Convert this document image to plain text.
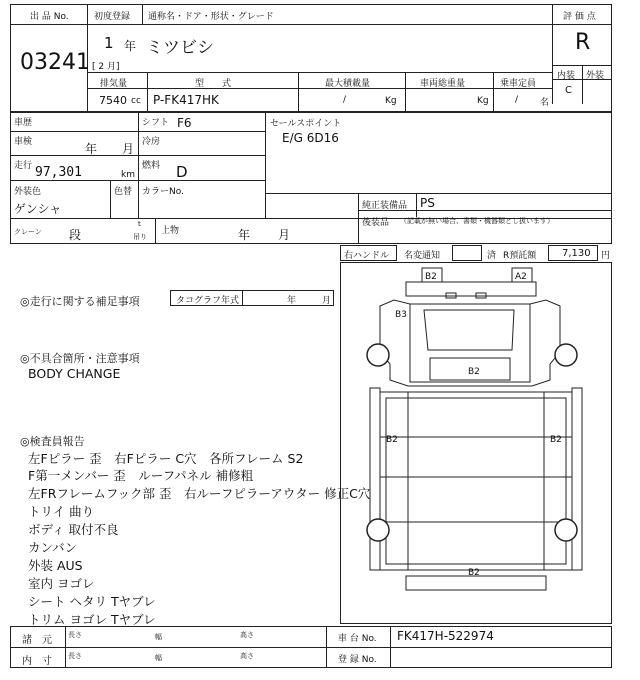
出 品 No.
03241
初度登録 通称名・ドア・形状・グレード
1 年
[ 2 月]
ミツビシ
評 価 点
R
内装 外装
C
排気量	型　　式	最大積載量	車両総重量	乗車定員
7540 cc P-FK417HK	/	Kg	Kg	/ 名
車歴	シフト F6	セールスポイント
E/G 6D16
車検	年 月 冷房
走行 97,301	km
燃料 D
外装色
ゲンシャ
色替 カラーNo.
純正装備品 PS
後装品 （記載が無い場合、書類・機器類とし扱います）
クレーン 段
t
吊り
上物	年 月
右ハンドル 名変通知	済 R預託額	7,130 円
◎走行に関する補足事項	タコグラフ年式	年	月
◎不具合箇所・注意事項
BODY CHANGE
◎検査員報告
左Fピラー 歪　右Fピラー C穴　各所フレーム S2
F第一メンバー 歪　ルーフパネル 補修粗
左FRフレームフック部 歪　右ルーフピラーアウター 修正C穴
トリイ 曲り
ボディ 取付不良
カンバン
外装 AUS
室内 ヨゴレ
シート ヘタリ Tヤブレ
トリム ヨゴレ Tヤブレ
B2	A2
B3
B2
B2	B2
B2
諸　元
内　寸
長さ	幅	高さ
長さ	幅	高さ
車 台 No. FK417H-522974
登 録 No.
